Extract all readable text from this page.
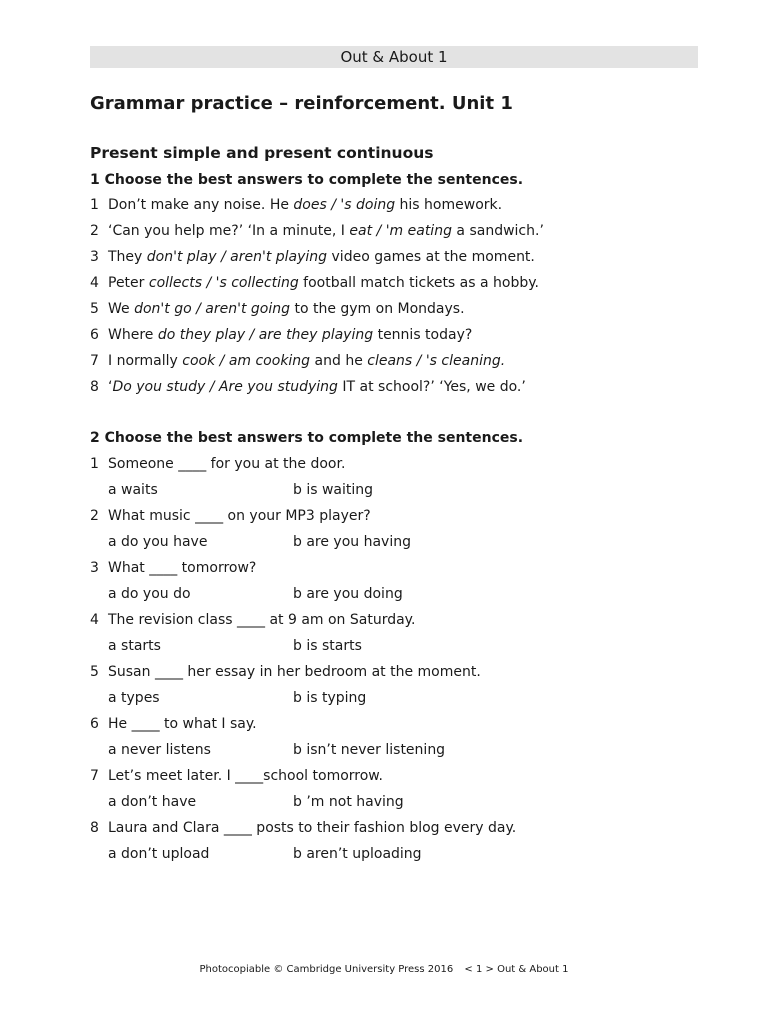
Out & About 1
Grammar practice – reinforcement. Unit 1
Present simple and present continuous

1 Choose the best answers to complete the sentences.

1 Don’t make any noise. He does / 's doing his homework.
2 ‘Can you help me?’ ‘In a minute, I eat / 'm eating a sandwich.’
3 They don't play / aren't playing video games at the moment.
4 Peter collects / 's collecting football match tickets as a hobby.
5 We don't go / aren't going to the gym on Mondays.
6 Where do they play / are they playing tennis today?
7 I normally cook / am cooking and he cleans / 's cleaning.
8 ‘Do you study / Are you studying IT at school?’ ‘Yes, we do.’

2 Choose the best answers to complete the sentences.

1 Someone ____ for you at the door.
a waits	b is waiting
2 What music ____ on your MP3 player?
a do you have	b are you having
3 What ____ tomorrow?
a do you do	b are you doing
4 The revision class ____ at 9 am on Saturday.
a starts	b is starts
5 Susan ____ her essay in her bedroom at the moment.
a types	b is typing
6 He ____ to what I say.
a never listens	b isn’t never listening
7 Let’s meet later. I ____school tomorrow.
a don’t have	b ’m not having
8 Laura and Clara ____ posts to their fashion blog every day.
a don’t upload	b aren’t uploading
Photocopiable © Cambridge University Press 2016 < 1 > Out & About 1
